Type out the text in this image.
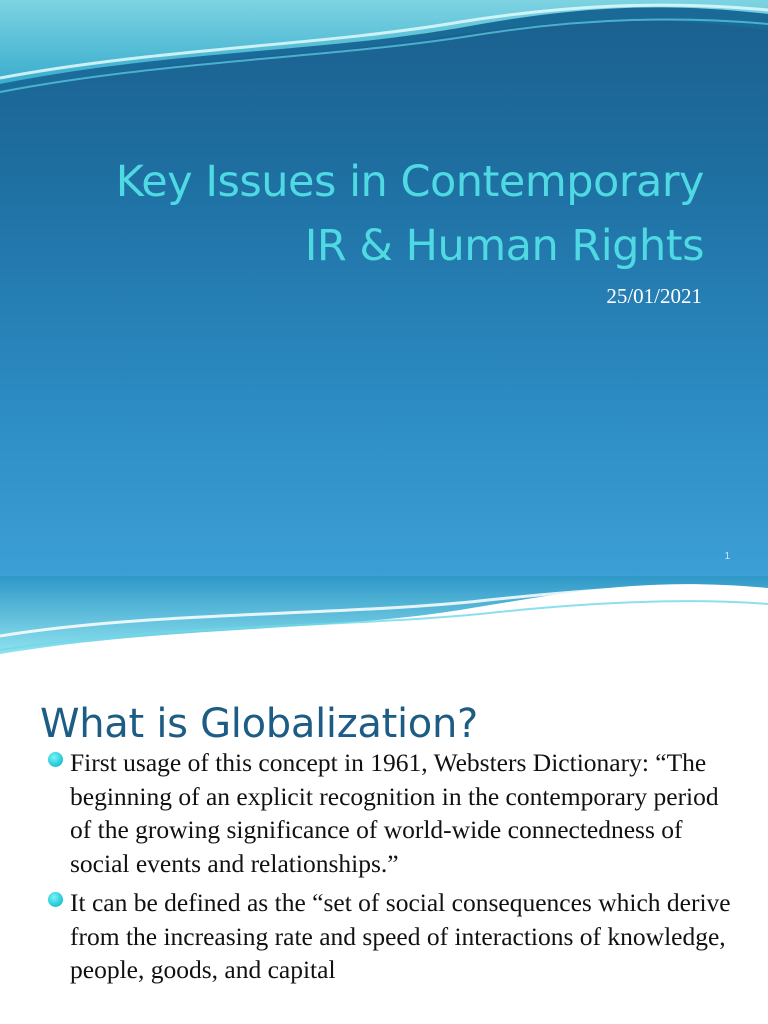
Key Issues in Contemporary
IR & Human Rights
25/01/2021
1
What is Globalization?
First usage of this concept in 1961, Websters Dictionary: “The beginning of an explicit recognition in the contemporary period of the growing significance of world-wide connectedness of social events and relationships.”
It can be defined as the “set of social consequences which derive from the increasing rate and speed of interactions of knowledge, people, goods, and capital
